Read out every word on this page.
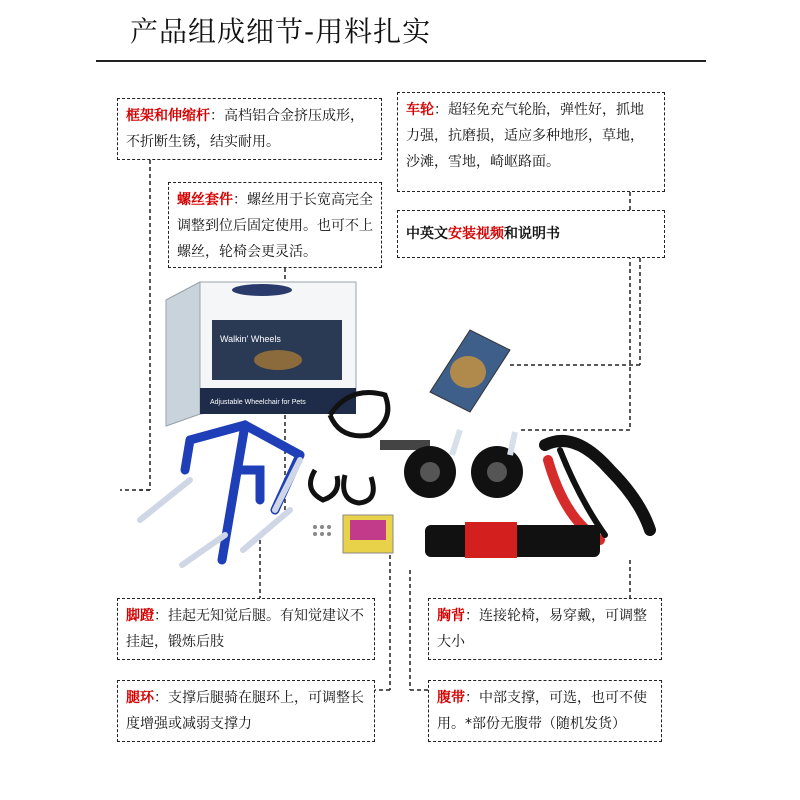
产品组成细节-用料扎实
Walkin' Wheels
Adjustable Wheelchair for Pets
框架和伸缩杆：高档铝合金挤压成形，不折断生锈，结实耐用。
螺丝套件：螺丝用于长宽高完全调整到位后固定使用。也可不上螺丝，轮椅会更灵活。
车轮：超轻免充气轮胎，弹性好，抓地力强，抗磨损，适应多种地形，草地，沙滩，雪地，崎岖路面。
中英文安装视频和说明书
脚蹬：挂起无知觉后腿。有知觉建议不挂起，锻炼后肢
胸背：连接轮椅，易穿戴，可调整大小
腿环：支撑后腿骑在腿环上，可调整长度增强或减弱支撑力
腹带：中部支撑，可选，也可不使用。*部份无腹带（随机发货）
